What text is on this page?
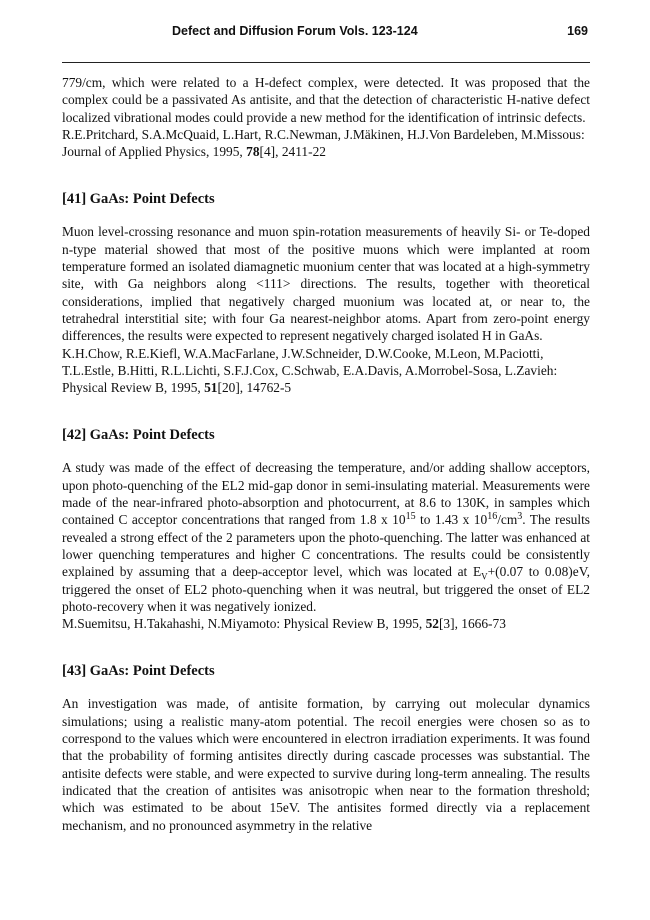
Defect and Diffusion Forum Vols. 123-124	169

779/cm, which were related to a H-defect complex, were detected. It was proposed that the complex could be a passivated As antisite, and that the detection of characteristic H-native defect localized vibrational modes could provide a new method for the identification of intrinsic defects.

R.E.Pritchard, S.A.McQuaid, L.Hart, R.C.Newman, J.Mäkinen, H.J.Von Bardeleben, M.Missous: Journal of Applied Physics, 1995, 78[4], 2411-22

[41] GaAs: Point Defects

Muon level-crossing resonance and muon spin-rotation measurements of heavily Si- or Te-doped n-type material showed that most of the positive muons which were implanted at room temperature formed an isolated diamagnetic muonium center that was located at a high-symmetry site, with Ga neighbors along <111> directions. The results, together with theoretical considerations, implied that negatively charged muonium was located at, or near to, the tetrahedral interstitial site; with four Ga nearest-neighbor atoms. Apart from zero-point energy differences, the results were expected to represent negatively charged isolated H in GaAs.

K.H.Chow, R.E.Kiefl, W.A.MacFarlane, J.W.Schneider, D.W.Cooke, M.Leon, M.Paciotti, T.L.Estle, B.Hitti, R.L.Lichti, S.F.J.Cox, C.Schwab, E.A.Davis, A.Morrobel-Sosa, L.Zavieh: Physical Review B, 1995, 51[20], 14762-5

[42] GaAs: Point Defects

A study was made of the effect of decreasing the temperature, and/or adding shallow acceptors, upon photo-quenching of the EL2 mid-gap donor in semi-insulating material. Measurements were made of the near-infrared photo-absorption and photocurrent, at 8.6 to 130K, in samples which contained C acceptor concentrations that ranged from 1.8 x $10^{15}$ to 1.43 x $10^{16}/cm^3$. The results revealed a strong effect of the 2 parameters upon the photo-quenching. The latter was enhanced at lower quenching temperatures and higher C concentrations. The results could be consistently explained by assuming that a deep-acceptor level, which was located at $E_V+(0.07$ to 0.08)eV, triggered the onset of EL2 photo-quenching when it was neutral, but triggered the onset of EL2 photo-recovery when it was negatively ionized.

M.Suemitsu, H.Takahashi, N.Miyamoto: Physical Review B, 1995, 52[3], 1666-73

[43] GaAs: Point Defects

An investigation was made, of antisite formation, by carrying out molecular dynamics simulations; using a realistic many-atom potential. The recoil energies were chosen so as to correspond to the values which were encountered in electron irradiation experiments. It was found that the probability of forming antisites directly during cascade processes was substantial. The antisite defects were stable, and were expected to survive during long-term annealing. The results indicated that the creation of antisites was anisotropic when near to the formation threshold; which was estimated to be about 15eV. The antisites formed directly via a replacement mechanism, and no pronounced asymmetry in the relative
